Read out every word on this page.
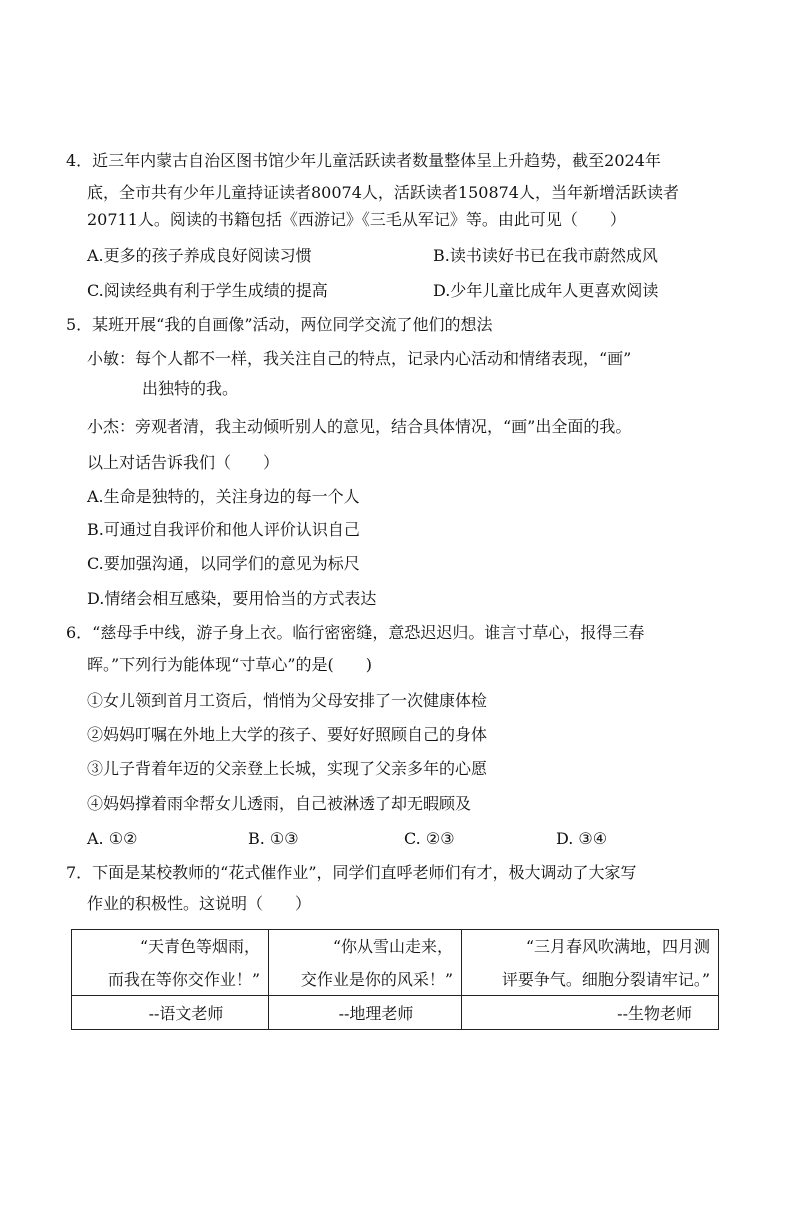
4．近三年内蒙古自治区图书馆少年儿童活跃读者数量整体呈上升趋势，截至2024年
底，全市共有少年儿童持证读者80074人，活跃读者150874人，当年新增活跃读者
20711人。阅读的书籍包括《西游记》《三毛从军记》等。由此可见（　　）
A.更多的孩子养成良好阅读习惯	B.读书读好书已在我市蔚然成风
C.阅读经典有利于学生成绩的提高	D.少年儿童比成年人更喜欢阅读
5．某班开展“我的自画像”活动，两位同学交流了他们的想法
小敏：每个人都不一样，我关注自己的特点，记录内心活动和情绪表现，“画”
出独特的我。
小杰：旁观者清，我主动倾听别人的意见，结合具体情况，“画”出全面的我。
以上对话告诉我们（　　）
A.生命是独特的，关注身边的每一个人
B.可通过自我评价和他人评价认识自己
C.要加强沟通，以同学们的意见为标尺
D.情绪会相互感染，要用恰当的方式表达
6．“慈母手中线，游子身上衣。临行密密缝，意恐迟迟归。谁言寸草心，报得三春
晖。”下列行为能体现“寸草心”的是(　　)
①女儿领到首月工资后，悄悄为父母安排了一次健康体检
②妈妈叮嘱在外地上大学的孩子、要好好照顾自己的身体
③儿子背着年迈的父亲登上长城，实现了父亲多年的心愿
④妈妈撑着雨伞帮女儿透雨，自己被淋透了却无暇顾及
A. ①②	B. ①③	C. ②③	D. ③④
7．下面是某校教师的“花式催作业”，同学们直呼老师们有才，极大调动了大家写
作业的积极性。这说明（　　）
“天青色等烟雨，	“你从雪山走来，	“三月春风吹满地，四月测
而我在等你交作业！”	交作业是你的风采！”	评要争气。细胞分裂请牢记。”
--语文老师	--地理老师	--生物老师
